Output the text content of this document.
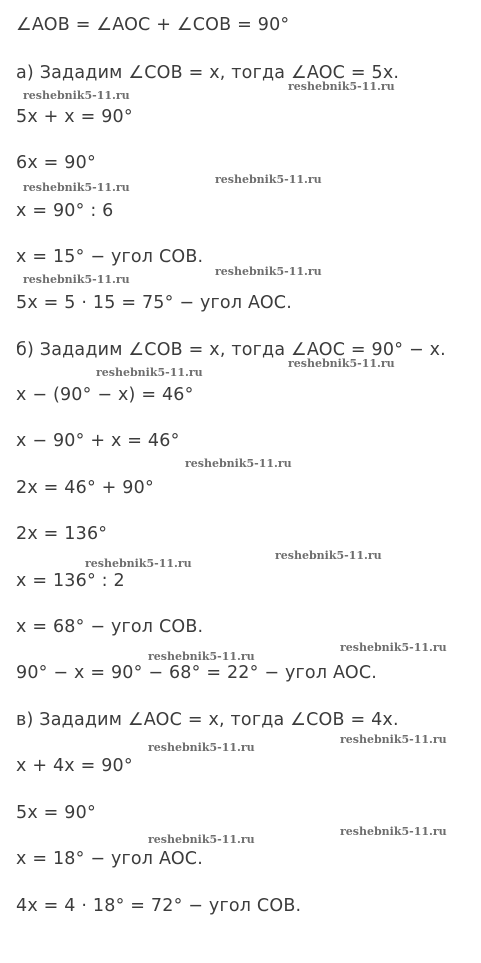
∠AOB = ∠AOC + ∠COB = 90°
а) Зададим ∠COB = x, тогда ∠AOC = 5x.
5x + x = 90°
6x = 90°
x = 90° : 6
x = 15° − угол COB.
5x = 5 · 15 = 75° − угол AOC.
б) Зададим ∠COB = x, тогда ∠AOC = 90° − x.
x − (90° − x) = 46°
x − 90° + x = 46°
2x = 46° + 90°
2x = 136°
x = 136° : 2
x = 68° − угол COB.
90° − x = 90° − 68° = 22° − угол AOC.
в) Зададим ∠AOC = x, тогда ∠COB = 4x.
x + 4x = 90°
5x = 90°
x = 18° − угол AOC.
4x = 4 · 18° = 72° − угол COB.
reshebnik5-11.ru
reshebnik5-11.ru
reshebnik5-11.ru
reshebnik5-11.ru
reshebnik5-11.ru
reshebnik5-11.ru
reshebnik5-11.ru
reshebnik5-11.ru
reshebnik5-11.ru
reshebnik5-11.ru
reshebnik5-11.ru
reshebnik5-11.ru
reshebnik5-11.ru
reshebnik5-11.ru
reshebnik5-11.ru
reshebnik5-11.ru
reshebnik5-11.ru
